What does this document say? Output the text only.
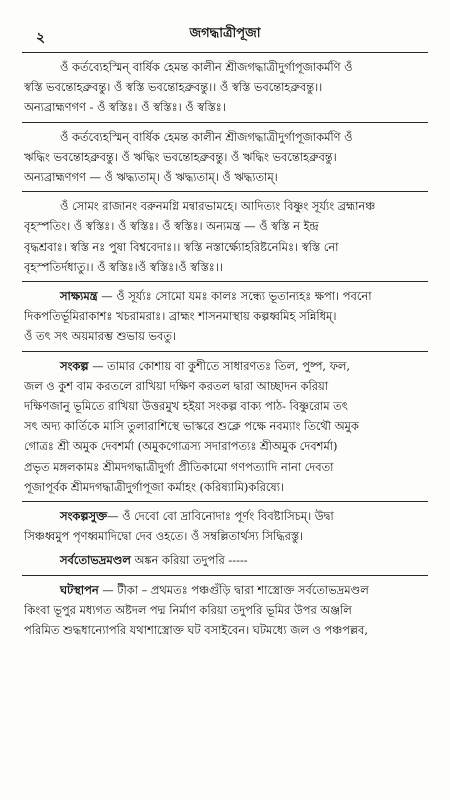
২	জগদ্ধাত্রীপূজা
ওঁ কর্তব্যেহস্মিন্‌ বার্ষিক হেমন্ত কালীন শ্রীজগদ্ধাত্রীদুর্গাপূজাকর্মণি ওঁ
স্বস্তি ভবন্তোহব্রুবন্তু। ওঁ স্বস্তি ভবন্তোহব্রুবন্তু।। ওঁ স্বস্তি ভবন্তোহব্রুবন্তু।।
অন্যব্রাহ্মণগণ - ওঁ স্বস্তিঃ। ওঁ স্বস্তিঃ। ওঁ স্বস্তিঃ।
ওঁ কর্তব্যেহস্মিন্‌ বার্ষিক হেমন্ত কালীন শ্রীজগদ্ধাত্রীদুর্গাপূজাকর্মণি ওঁ
ঋদ্ধিং ভবন্তোহব্রুবন্তু। ওঁ ঋদ্ধিং ভবন্তোহব্রুবন্তু। ওঁ ঋদ্ধিং ভবন্তোহব্রুবন্তু।
অন্যব্রাহ্মণগণ — ওঁ ঋদ্ধ্যতাম্‌। ওঁ ঋদ্ধ্যতাম্‌। ওঁ ঋদ্ধ্যতাম্‌।
ওঁ সোমং রাজানং বরুনমগ্নি মন্বারভামহে। আদিত্যং বিষ্ণুং সূর্য্যং ব্রহ্মানঞ্চ
বৃহস্পতিং। ওঁ স্বস্তিঃ। ওঁ স্বস্তিঃ। ওঁ স্বস্তিঃ। অন্যমন্ত্র — ওঁ স্বস্তি ন ইন্দ্র
বৃদ্ধশ্রবাঃ। স্বস্তি নঃ পুষা বিশ্ববেদাঃ।। স্বস্তি নস্তার্ক্ষ্যোহরিষ্টনেমিঃ। স্বস্তি নো
বৃহস্পতির্দধাতু।। ওঁ স্বস্তিঃ।ওঁ স্বস্তিঃ।ওঁ স্বস্তিঃ।।
সাক্ষ্যমন্ত্র — ওঁ সূর্য্যঃ সোমো যমঃ কালঃ সন্ধ্যে ভূতান্যহঃ ক্ষপা। পবনো
দিকপতির্ভূমিরাকাশঃ খচরামরাঃ। ব্রাহ্মং শাসনমাস্থায় কল্পধ্বমিহ সন্নিধিম্‌।
ওঁ তৎ সৎ অয়মারম্ভ শুভায় ভবতু।
সংকল্প — তামার কোশায় বা কুশীতে সাধারণতঃ তিল, পুষ্প, ফল,
জল ও কুশ বাম করতলে রাখিয়া দক্ষিণ করতল দ্বারা আচ্ছাদন করিয়া
দক্ষিণজানু ভূমিতে রাখিয়া উত্তরমুখ হইয়া সংকল্প বাক্য পাঠ- বিষ্ণুরোম তৎ
সৎ অদ্য কার্তিকে মাসি তুলারাশিস্থে ভাস্করে শুক্লে পক্ষে নবম্যাং তিথৌ অমুক
গোত্রঃ শ্রী অমুক দেবশর্মা (অমুকগোত্রস্য সদারাপত্যঃ শ্রীঅমুক দেবশর্মা)
প্রভৃত মঙ্গলকামঃ শ্রীমদগদ্ধাত্রীদুর্গা প্রীতিকামো গণপত্যাদি নানা দেবতা
পূজাপূর্বক শ্রীমদগদ্ধাত্রীদুর্গাপূজা কর্মাহং (করিষ্যামি)করিষ্যে।
সংকল্পসুক্ত— ওঁ দেবো বো দ্রাবিনোদাঃ পূর্ণং বিবষ্টাসিচম্‌। উদ্বা
সিঞ্চধ্বমুপ পৃণধ্বমাদিদ্বো দেব ওহতে। ওঁ সম্বল্লিতার্থস্য সিদ্ধিরস্তু।
সর্বতোভদ্রমণ্ডল অঙ্কন করিয়া তদুপরি -----
ঘটস্থাপন — টীকা – প্রথমতঃ পঞ্চগুঁড়ি দ্বারা শাস্ত্রোক্ত সর্বতোভদ্রমণ্ডল
কিংবা ভূপুর মধ্যগত অষ্টদল পদ্ম নির্মাণ করিয়া তদুপরি ভূমির উপর অঞ্জলি
পরিমিত শুদ্ধধান্যোপরি যথাশাস্ত্রোক্ত ঘট বসাইবেন। ঘটমধ্যে জল ও পঞ্চপল্লব,
